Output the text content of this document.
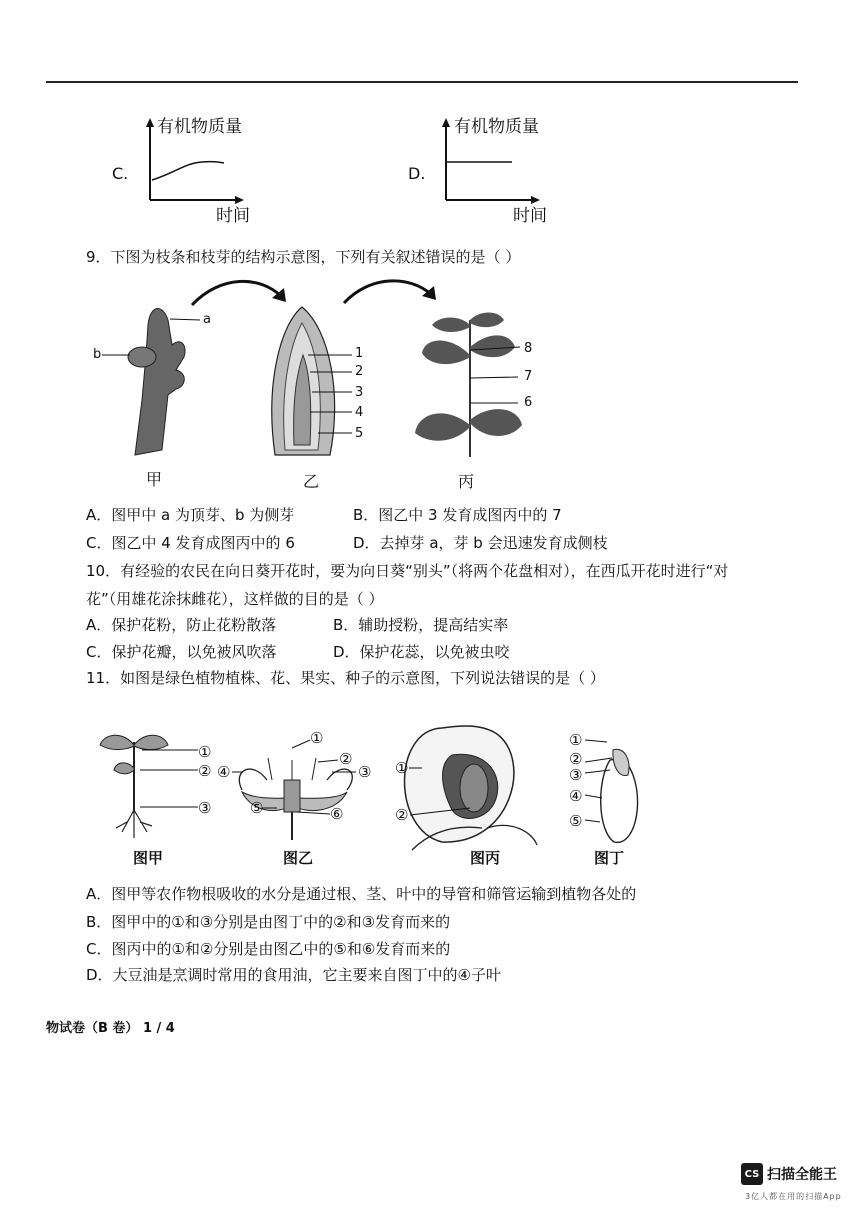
C.
有机物质量
时间
D.
有机物质量
时间
9．下图为枝条和枝芽的结构示意图，下列有关叙述错误的是（ ）
a
b	1
2
3
4
5
8
7
6
甲	乙	丙
A．图甲中 a 为顶芽、b 为侧芽	B．图乙中 3 发育成图丙中的 7
C．图乙中 4 发育成图丙中的 6	D．去掉芽 a，芽 b 会迅速发育成侧枝
10．有经验的农民在向日葵开花时，要为向日葵“别头”（将两个花盘相对），在西瓜开花时进行“对
花”（用雄花涂抹雌花），这样做的目的是（ ）
A．保护花粉，防止花粉散落	B．辅助授粉，提高结实率
C．保护花瓣，以免被风吹落	D．保护花蕊，以免被虫咬
11．如图是绿色植物植株、花、果实、种子的示意图，下列说法错误的是（ ）
①
②
③
①
②
③
④
⑤	⑥
①
②
①
②
③
④
⑤
图甲	图乙	图丙	图丁
A．图甲等农作物根吸收的水分是通过根、茎、叶中的导管和筛管运输到植物各处的
B．图甲中的①和③分别是由图丁中的②和③发育而来的
C．图丙中的①和②分别是由图乙中的⑤和⑥发育而来的
D．大豆油是烹调时常用的食用油，它主要来自图丁中的④子叶
物试卷（B 卷） 1 / 4
CS 扫描全能王
3亿人都在用的扫描App
